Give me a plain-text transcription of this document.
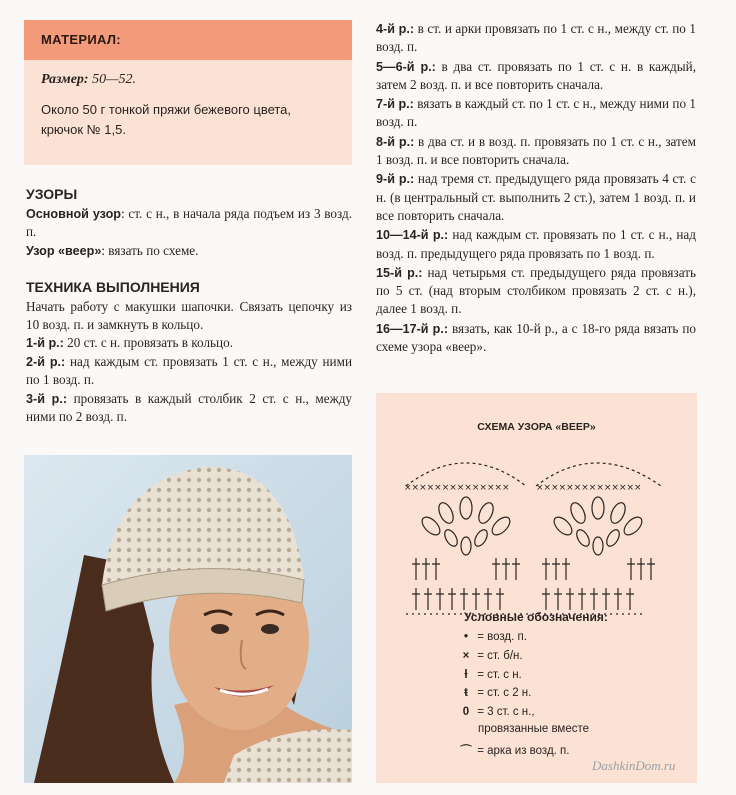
МАТЕРИАЛ:
Размер: 50—52.
Около 50 г тонкой пряжи бежевого цвета,
крючок № 1,5.
УЗОРЫ
Основной узор: ст. с н., в начала ряда подъем из 3 возд. п.
Узор «веер»: вязать по схеме.
ТЕХНИКА ВЫПОЛНЕНИЯ
Начать работу с макушки шапочки. Связать цепочку из 10 возд. п. и замкнуть в кольцо.
1-й р.: 20 ст. с н. провязать в кольцо.
2-й р.: над каждым ст. провязать 1 ст. с н., между ними по 1 возд. п.
3-й р.: провязать в каждый столбик 2 ст. с н., между ними по 2 возд. п.

4-й р.: в ст. и арки провязать по 1 ст. с н., между ст. по 1 возд. п.

5—6-й р.: в два ст. провязать по 1 ст. с н. в каждый, затем 2 возд. п. и все повторить сначала.

7-й р.: вязать в каждый ст. по 1 ст. с н., между ними по 1 возд. п.

8-й р.: в два ст. и в возд. п. провязать по 1 ст. с н., затем 1 возд. п. и все повторить сначала.

9-й р.: над тремя ст. предыдущего ряда провязать 4 ст. с н. (в центральный ст. выполнить 2 ст.), затем 1 возд. п. и все повторить сначала.

10—14-й р.: над каждым ст. провязать по 1 ст. с н., над возд. п. предыдущего ряда провязать по 1 возд. п.

15-й р.: над четырьмя ст. предыдущего ряда провязать по 5 ст. (над вторым столбиком провязать 2 ст. с н.), далее 1 возд. п.

16—17-й р.: вязать, как 10-й р., а с 18-го ряда вязать по схеме узора «веер».

СХЕМА УЗОРА «ВЕЕР»
××××××××××××××	××××××××××××××
Условные обозначения:
• = возд. п.
× = ст. б/н.
ƚ = ст. с н.
ŧ = ст. с 2 н.
0 = 3 ст. с н.,
провязанные вместе
⌒ = арка из возд. п.
DashkinDom.ru
